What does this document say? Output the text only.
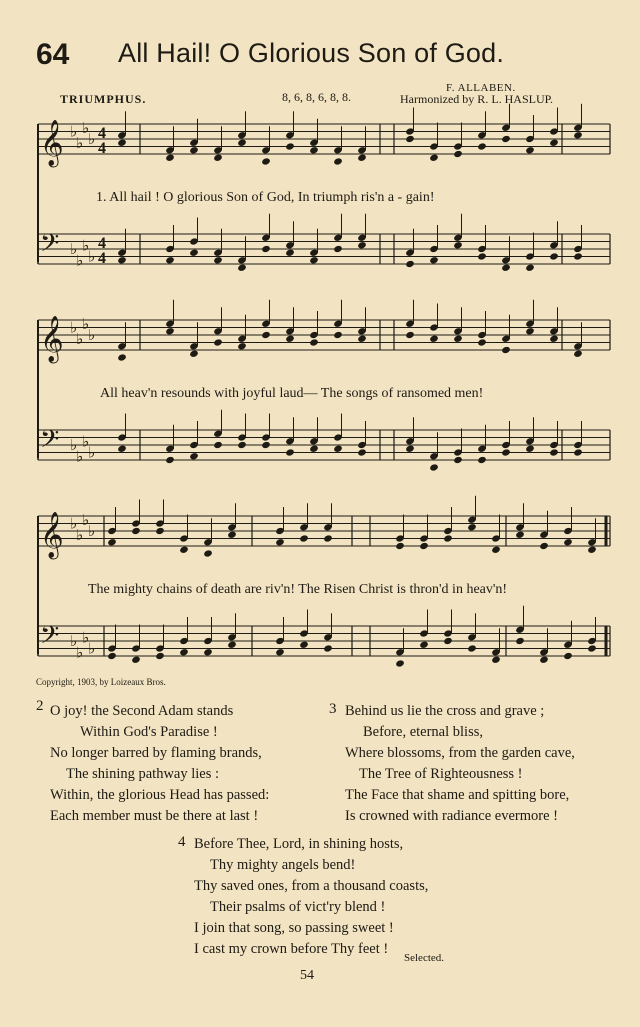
64 All Hail! O Glorious Son of God.
TRIUMPHUS.	8, 6, 8, 6, 8, 8.
F. ALLABEN.
Harmonized by R. L. HASLUP.
𝄞 ♭
♭
♭
♭ 4
4
𝄢 ♭
♭
♭
♭
4
4
𝄞 ♭
♭
♭
♭
𝄢 ♭
♭
♭
♭
𝄞 ♭
♭
♭
♭
𝄢 ♭
♭
♭
♭
1. All hail ! O glorious Son of God, In triumph ris'n a - gain!
All heav'n resounds with joyful laud— The songs of ransomed men!
The mighty chains of death are riv'n! The Risen Christ is thron'd in heav'n!
Copyright, 1903, by Loizeaux Bros.
2 O joy! the Second Adam stands
Within God's Paradise !
No longer barred by flaming brands,
The shining pathway lies :
Within, the glorious Head has passed:
Each member must be there at last !
3 Behind us lie the cross and grave ;
Before, eternal bliss,
Where blossoms, from the garden cave,
The Tree of Righteousness !
The Face that shame and spitting bore,
Is crowned with radiance evermore !
4 Before Thee, Lord, in shining hosts,
Thy mighty angels bend!
Thy saved ones, from a thousand coasts,
Their psalms of vict'ry blend !
I join that song, so passing sweet !
I cast my crown before Thy feet !
Selected.
54
